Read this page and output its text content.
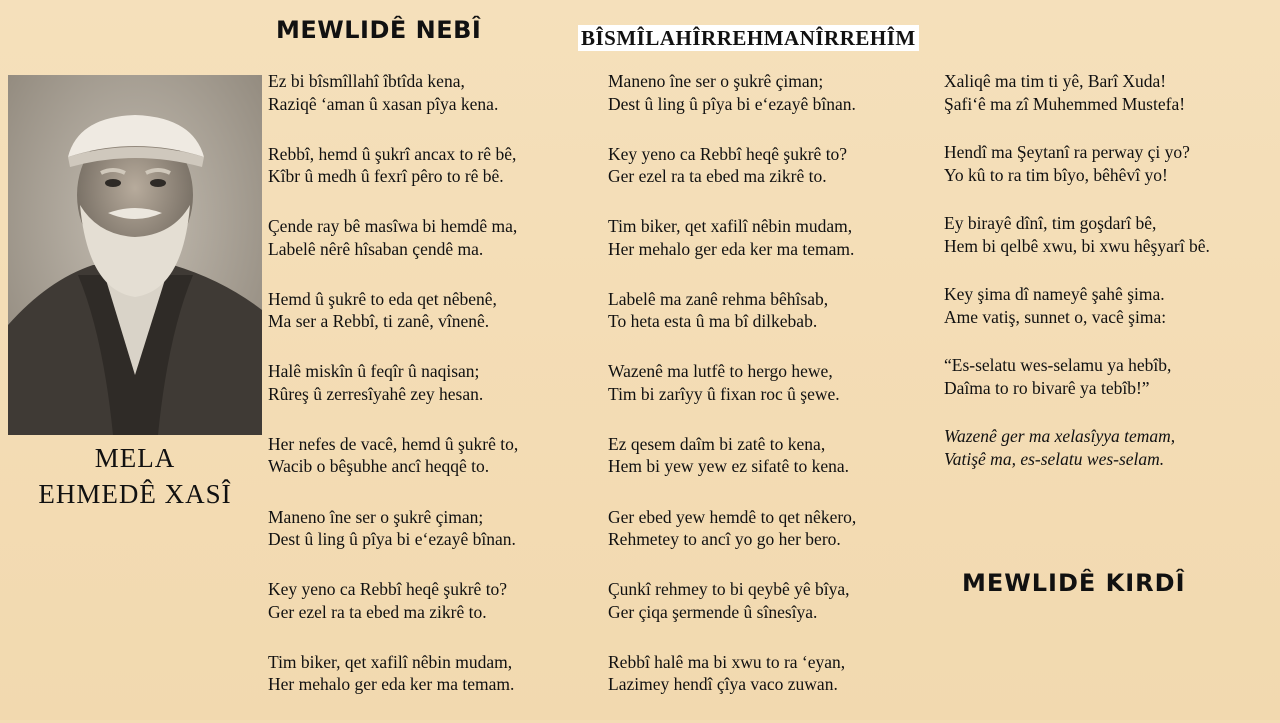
MEWLIDÊ NEBÎ	BÎSMÎLAHÎRREHMANÎRREHÎM
MELA
EHMEDÊ XASÎ
Ez bi bîsmîllahî îbtîda kena,
Raziqê ‘aman û xasan pîya kena.
Rebbî, hemd û şukrî ancax to rê bê,
Kîbr û medh û fexrî pêro to rê bê.
Çende ray bê masîwa bi hemdê ma,
Labelê nêrê hîsaban çendê ma.
Hemd û şukrê to eda qet nêbenê,
Ma ser a Rebbî, ti zanê, vînenê.
Halê miskîn û feqîr û naqisan;
Rûreş û zerresîyahê zey hesan.
Her nefes de vacê, hemd û şukrê to,
Wacib o bêşubhe ancî heqqê to.
Maneno îne ser o şukrê çiman;
Dest û ling û pîya bi e‘ezayê bînan.
Key yeno ca Rebbî heqê şukrê to?
Ger ezel ra ta ebed ma zikrê to.
Tim biker, qet xafilî nêbin mudam,
Her mehalo ger eda ker ma temam.
Maneno îne ser o şukrê çiman;
Dest û ling û pîya bi e‘ezayê bînan.
Key yeno ca Rebbî heqê şukrê to?
Ger ezel ra ta ebed ma zikrê to.
Tim biker, qet xafilî nêbin mudam,
Her mehalo ger eda ker ma temam.
Labelê ma zanê rehma bêhîsab,
To heta esta û ma bî dilkebab.
Wazenê ma lutfê to hergo hewe,
Tim bi zarîyy û fixan roc û şewe.
Ez qesem daîm bi zatê to kena,
Hem bi yew yew ez sifatê to kena.
Ger ebed yew hemdê to qet nêkero,
Rehmetey to ancî yo go her bero.
Çunkî rehmey to bi qeybê yê bîya,
Ger çiqa şermende û sînesîya.
Rebbî halê ma bi xwu to ra ‘eyan,
Lazimey hendî çîya vaco zuwan.
Xaliqê ma tim ti yê, Barî Xuda!
Şafi‘ê ma zî Muhemmed Mustefa!
Hendî ma Şeytanî ra perway çi yo?
Yo kû to ra tim bîyo, bêhêvî yo!
Ey birayê dînî, tim goşdarî bê,
Hem bi qelbê xwu, bi xwu hêşyarî bê.
Key şima dî nameyê şahê şima.
Ame vatiş, sunnet o, vacê şima:
“Es-selatu wes-selamu ya hebîb,
Daîma to ro bivarê ya tebîb!”
Wazenê ger ma xelasîyya temam,
Vatişê ma, es-selatu wes-selam.
MEWLIDÊ KIRDÎ
